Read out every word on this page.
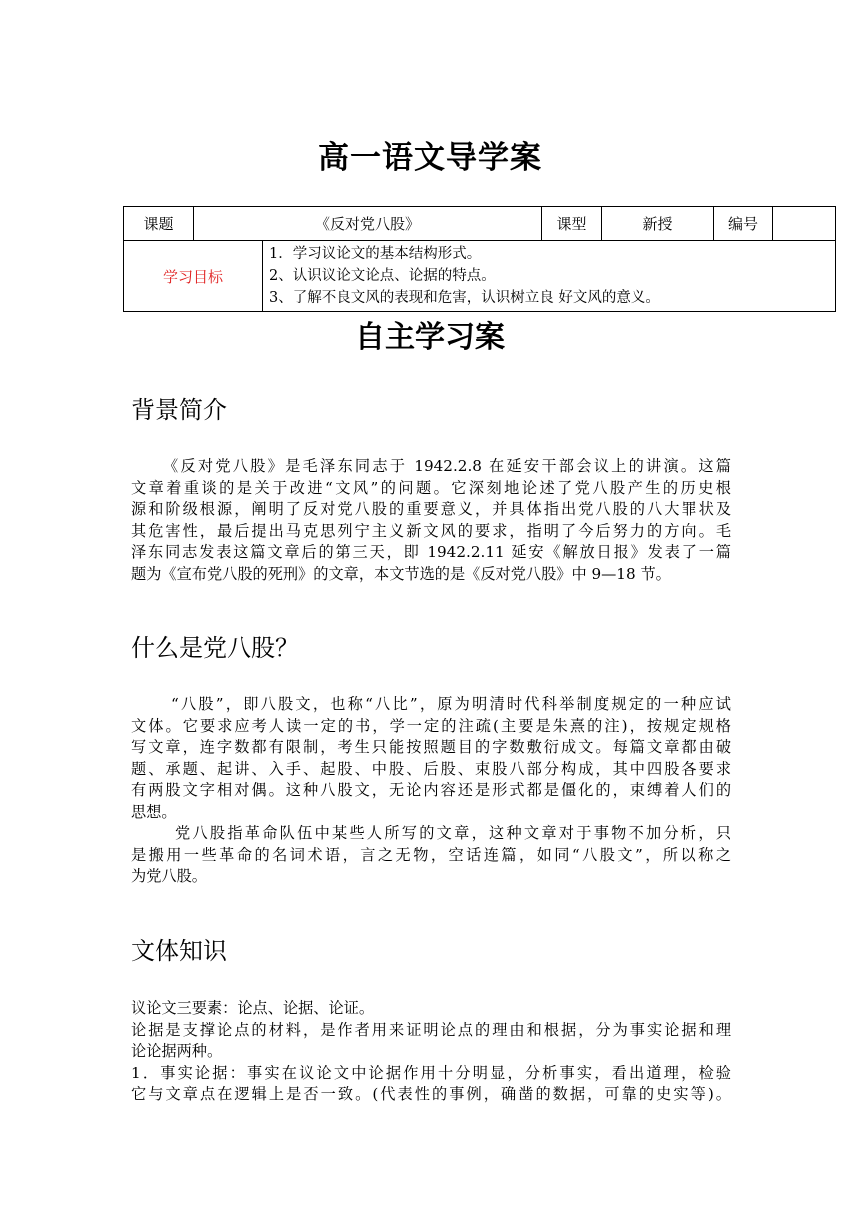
高一语文导学案
课题	《反对党八股》		课型	新授	编号	
学习目标		1．学习议论文的基本结构形式。
2、认识议论文论点、论据的特点。
3、了解不良文风的表现和危害，认识树立良 好文风的意义。				
自主学习案
背景简介
《反对党八股》是毛泽东同志于 1942.2.8 在延安干部会议上的讲演。这篇
文章着重谈的是关于改进“文风”的问题。它深刻地论述了党八股产生的历史根
源和阶级根源，阐明了反对党八股的重要意义，并具体指出党八股的八大罪状及
其危害性，最后提出马克思列宁主义新文风的要求，指明了今后努力的方向。毛
泽东同志发表这篇文章后的第三天，即 1942.2.11 延安《解放日报》发表了一篇
题为《宣布党八股的死刑》的文章，本文节选的是《反对党八股》中 9—18 节。
什么是党八股？
“八股”，即八股文，也称“八比”，原为明清时代科举制度规定的一种应试
文体。它要求应考人读一定的书，学一定的注疏(主要是朱熹的注)，按规定规格
写文章，连字数都有限制，考生只能按照题目的字数敷衍成文。每篇文章都由破
题、承题、起讲、入手、起股、中股、后股、束股八部分构成，其中四股各要求
有两股文字相对偶。这种八股文，无论内容还是形式都是僵化的，束缚着人们的
思想。
党八股指革命队伍中某些人所写的文章，这种文章对于事物不加分析，只
是搬用一些革命的名词术语，言之无物，空话连篇，如同“八股文”，所以称之
为党八股。
文体知识
议论文三要素：论点、论据、论证。
论据是支撑论点的材料，是作者用来证明论点的理由和根据，分为事实论据和理
论论据两种。
1．事实论据：事实在议论文中论据作用十分明显，分析事实，看出道理，检验
它与文章点在逻辑上是否一致。(代表性的事例，确凿的数据，可靠的史实等)。
